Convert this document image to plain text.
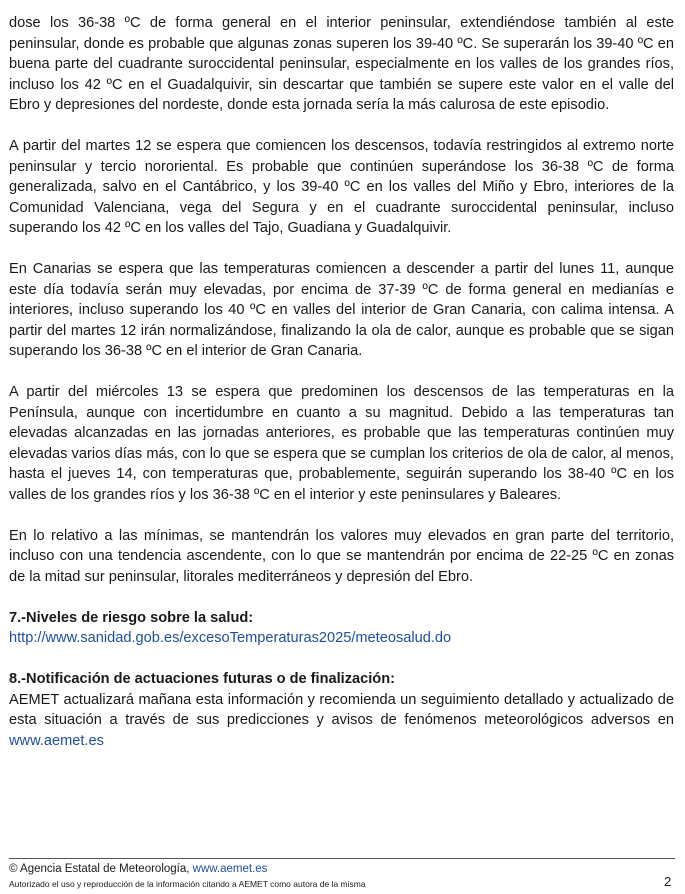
dose los 36-38 ºC de forma general en el interior peninsular, extendiéndose también al este peninsular, donde es probable que algunas zonas superen los 39-40 ºC. Se superarán los 39-40 ºC en buena parte del cuadrante suroccidental peninsular, especialmente en los valles de los grandes ríos, incluso los 42 ºC en el Guadalquivir, sin descartar que también se supere este valor en el valle del Ebro y depresiones del nordeste, donde esta jornada sería la más calurosa de este episodio.

A partir del martes 12 se espera que comiencen los descensos, todavía restringidos al extremo norte peninsular y tercio nororiental. Es probable que continúen superándose los 36-38 ºC de forma generalizada, salvo en el Cantábrico, y los 39-40 ºC en los valles del Miño y Ebro, interiores de la Comunidad Valenciana, vega del Segura y en el cuadrante suroccidental peninsular, incluso superando los 42 ºC en los valles del Tajo, Guadiana y Guadalquivir.

En Canarias se espera que las temperaturas comiencen a descender a partir del lunes 11, aunque este día todavía serán muy elevadas, por encima de 37-39 ºC de forma general en medianías e interiores, incluso superando los 40 ºC en valles del interior de Gran Canaria, con calima intensa. A partir del martes 12 irán normalizándose, finalizando la ola de calor, aunque es probable que se sigan superando los 36-38 ºC en el interior de Gran Canaria.

A partir del miércoles 13 se espera que predominen los descensos de las temperaturas en la Península, aunque con incertidumbre en cuanto a su magnitud. Debido a las temperaturas tan elevadas alcanzadas en las jornadas anteriores, es probable que las temperaturas continúen muy elevadas varios días más, con lo que se espera que se cumplan los criterios de ola de calor, al menos, hasta el jueves 14, con temperaturas que, probablemente, seguirán superando los 38-40 ºC en los valles de los grandes ríos y los 36-38 ºC en el interior y este peninsulares y Baleares.

En lo relativo a las mínimas, se mantendrán los valores muy elevados en gran parte del territorio, incluso con una tendencia ascendente, con lo que se mantendrán por encima de 22-25 ºC en zonas de la mitad sur peninsular, litorales mediterráneos y depresión del Ebro.

7.-Niveles de riesgo sobre la salud:

http://www.sanidad.gob.es/excesoTemperaturas2025/meteosalud.do

8.-Notificación de actuaciones futuras o de finalización:

AEMET actualizará mañana esta información y recomienda un seguimiento detallado y actualizado de esta situación a través de sus predicciones y avisos de fenómenos meteorológicos adversos en www.aemet.es

© Agencia Estatal de Meteorología, www.aemet.es
Autorizado el uso y reproducción de la información citando a AEMET como autora de la misma	2
